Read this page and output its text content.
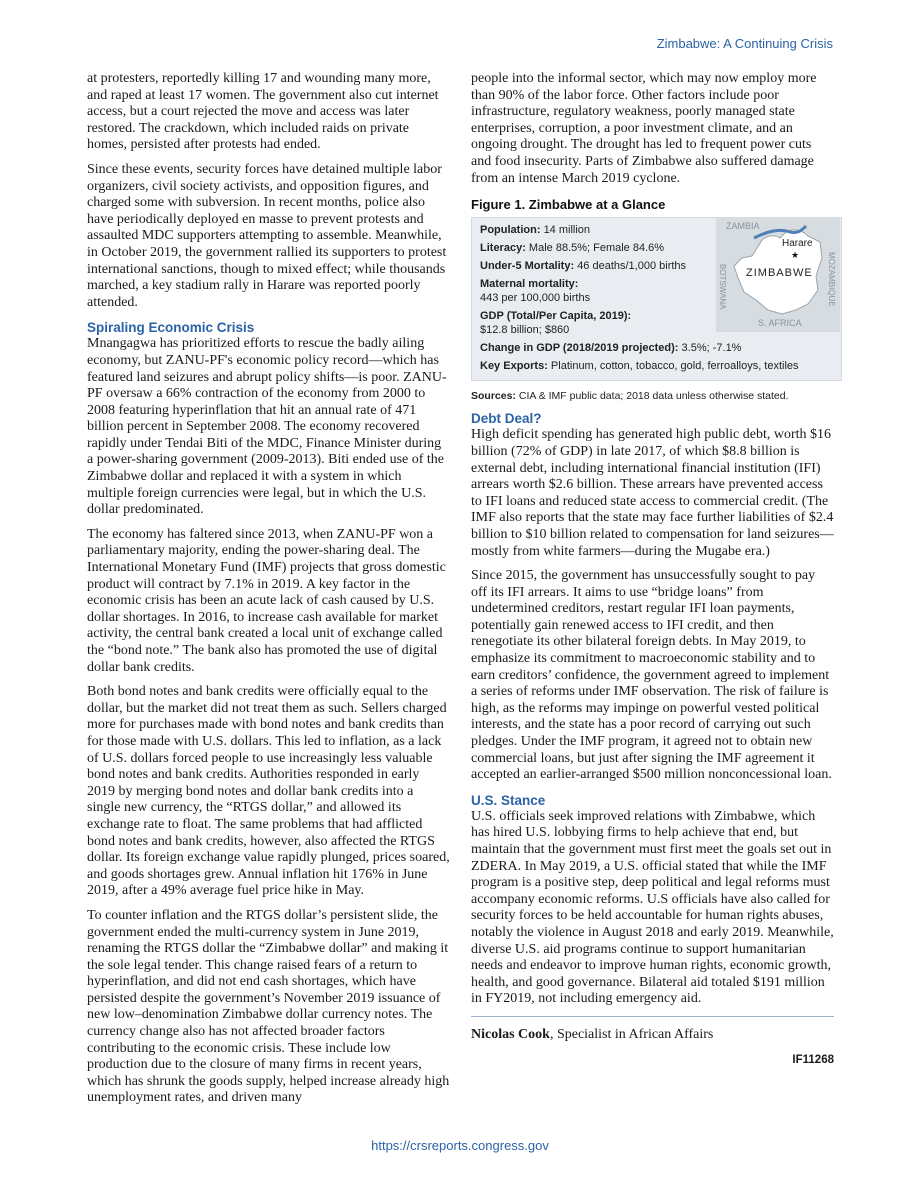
Zimbabwe: A Continuing Crisis

at protesters, reportedly killing 17 and wounding many more, and raped at least 17 women. The government also cut internet access, but a court rejected the move and access was later restored. The crackdown, which included raids on private homes, persisted after protests had ended.

Since these events, security forces have detained multiple labor organizers, civil society activists, and opposition figures, and charged some with subversion. In recent months, police also have periodically deployed en masse to prevent protests and assaulted MDC supporters attempting to assemble. Meanwhile, in October 2019, the government rallied its supporters to protest international sanctions, though to mixed effect; while thousands marched, a key stadium rally in Harare was reported poorly attended.

Spiraling Economic Crisis

Mnangagwa has prioritized efforts to rescue the badly ailing economy, but ZANU-PF's economic policy record—which has featured land seizures and abrupt policy shifts—is poor. ZANU-PF oversaw a 66% contraction of the economy from 2000 to 2008 featuring hyperinflation that hit an annual rate of 471 billion percent in September 2008. The economy recovered rapidly under Tendai Biti of the MDC, Finance Minister during a power-sharing government (2009-2013). Biti ended use of the Zimbabwe dollar and replaced it with a system in which multiple foreign currencies were legal, but in which the U.S. dollar predominated.

The economy has faltered since 2013, when ZANU-PF won a parliamentary majority, ending the power-sharing deal. The International Monetary Fund (IMF) projects that gross domestic product will contract by 7.1% in 2019. A key factor in the economic crisis has been an acute lack of cash caused by U.S. dollar shortages. In 2016, to increase cash available for market activity, the central bank created a local unit of exchange called the “bond note.” The bank also has promoted the use of digital dollar bank credits.

Both bond notes and bank credits were officially equal to the dollar, but the market did not treat them as such. Sellers charged more for purchases made with bond notes and bank credits than for those made with U.S. dollars. This led to inflation, as a lack of U.S. dollars forced people to use increasingly less valuable bond notes and bank credits. Authorities responded in early 2019 by merging bond notes and dollar bank credits into a single new currency, the “RTGS dollar,” and allowed its exchange rate to float. The same problems that had afflicted bond notes and bank credits, however, also affected the RTGS dollar. Its foreign exchange value rapidly plunged, prices soared, and goods shortages grew. Annual inflation hit 176% in June 2019, after a 49% average fuel price hike in May.

To counter inflation and the RTGS dollar’s persistent slide, the government ended the multi-currency system in June 2019, renaming the RTGS dollar the “Zimbabwe dollar” and making it the sole legal tender. This change raised fears of a return to hyperinflation, and did not end cash shortages, which have persisted despite the government’s November 2019 issuance of new low–denomination Zimbabwe dollar currency notes. The currency change also has not affected broader factors contributing to the economic crisis. These include low production due to the closure of many firms in recent years, which has shrunk the goods supply, helped increase already high unemployment rates, and driven many

people into the informal sector, which may now employ more than 90% of the labor force. Other factors include poor infrastructure, regulatory weakness, poorly managed state enterprises, corruption, a poor investment climate, and an ongoing drought. The drought has led to frequent power cuts and food insecurity. Parts of Zimbabwe also suffered damage from an intense March 2019 cyclone.

Figure 1. Zimbabwe at a Glance
ZAMBIA
Harare
★
ZIMBABWE
BOTSWANA	MOZAMBIQUE
S. AFRICA
Population: 14 million
Literacy: Male 88.5%; Female 84.6%
Under-5 Mortality: 46 deaths/1,000 births
Maternal mortality:
443 per 100,000 births
GDP (Total/Per Capita, 2019):
$12.8 billion; $860
Change in GDP (2018/2019 projected): 3.5%; -7.1%
Key Exports: Platinum, cotton, tobacco, gold, ferroalloys, textiles
Sources: CIA & IMF public data; 2018 data unless otherwise stated.
Debt Deal?

High deficit spending has generated high public debt, worth $16 billion (72% of GDP) in late 2017, of which $8.8 billion is external debt, including international financial institution (IFI) arrears worth $2.6 billion. These arrears have prevented access to IFI loans and reduced state access to commercial credit. (The IMF also reports that the state may face further liabilities of $2.4 billion to $10 billion related to compensation for land seizures—mostly from white farmers—during the Mugabe era.)

Since 2015, the government has unsuccessfully sought to pay off its IFI arrears. It aims to use “bridge loans” from undetermined creditors, restart regular IFI loan payments, potentially gain renewed access to IFI credit, and then renegotiate its other bilateral foreign debts. In May 2019, to emphasize its commitment to macroeconomic stability and to earn creditors’ confidence, the government agreed to implement a series of reforms under IMF observation. The risk of failure is high, as the reforms may impinge on powerful vested political interests, and the state has a poor record of carrying out such pledges. Under the IMF program, it agreed not to obtain new commercial loans, but just after signing the IMF agreement it accepted an earlier-arranged $500 million nonconcessional loan.

U.S. Stance

U.S. officials seek improved relations with Zimbabwe, which has hired U.S. lobbying firms to help achieve that end, but maintain that the government must first meet the goals set out in ZDERA. In May 2019, a U.S. official stated that while the IMF program is a positive step, deep political and legal reforms must accompany economic reforms. U.S officials have also called for security forces to be held accountable for human rights abuses, notably the violence in August 2018 and early 2019. Meanwhile, diverse U.S. aid programs continue to support humanitarian needs and endeavor to improve human rights, economic growth, health, and good governance. Bilateral aid totaled $191 million in FY2019, not including emergency aid.

Nicolas Cook, Specialist in African Affairs
IF11268
https://crsreports.congress.gov
